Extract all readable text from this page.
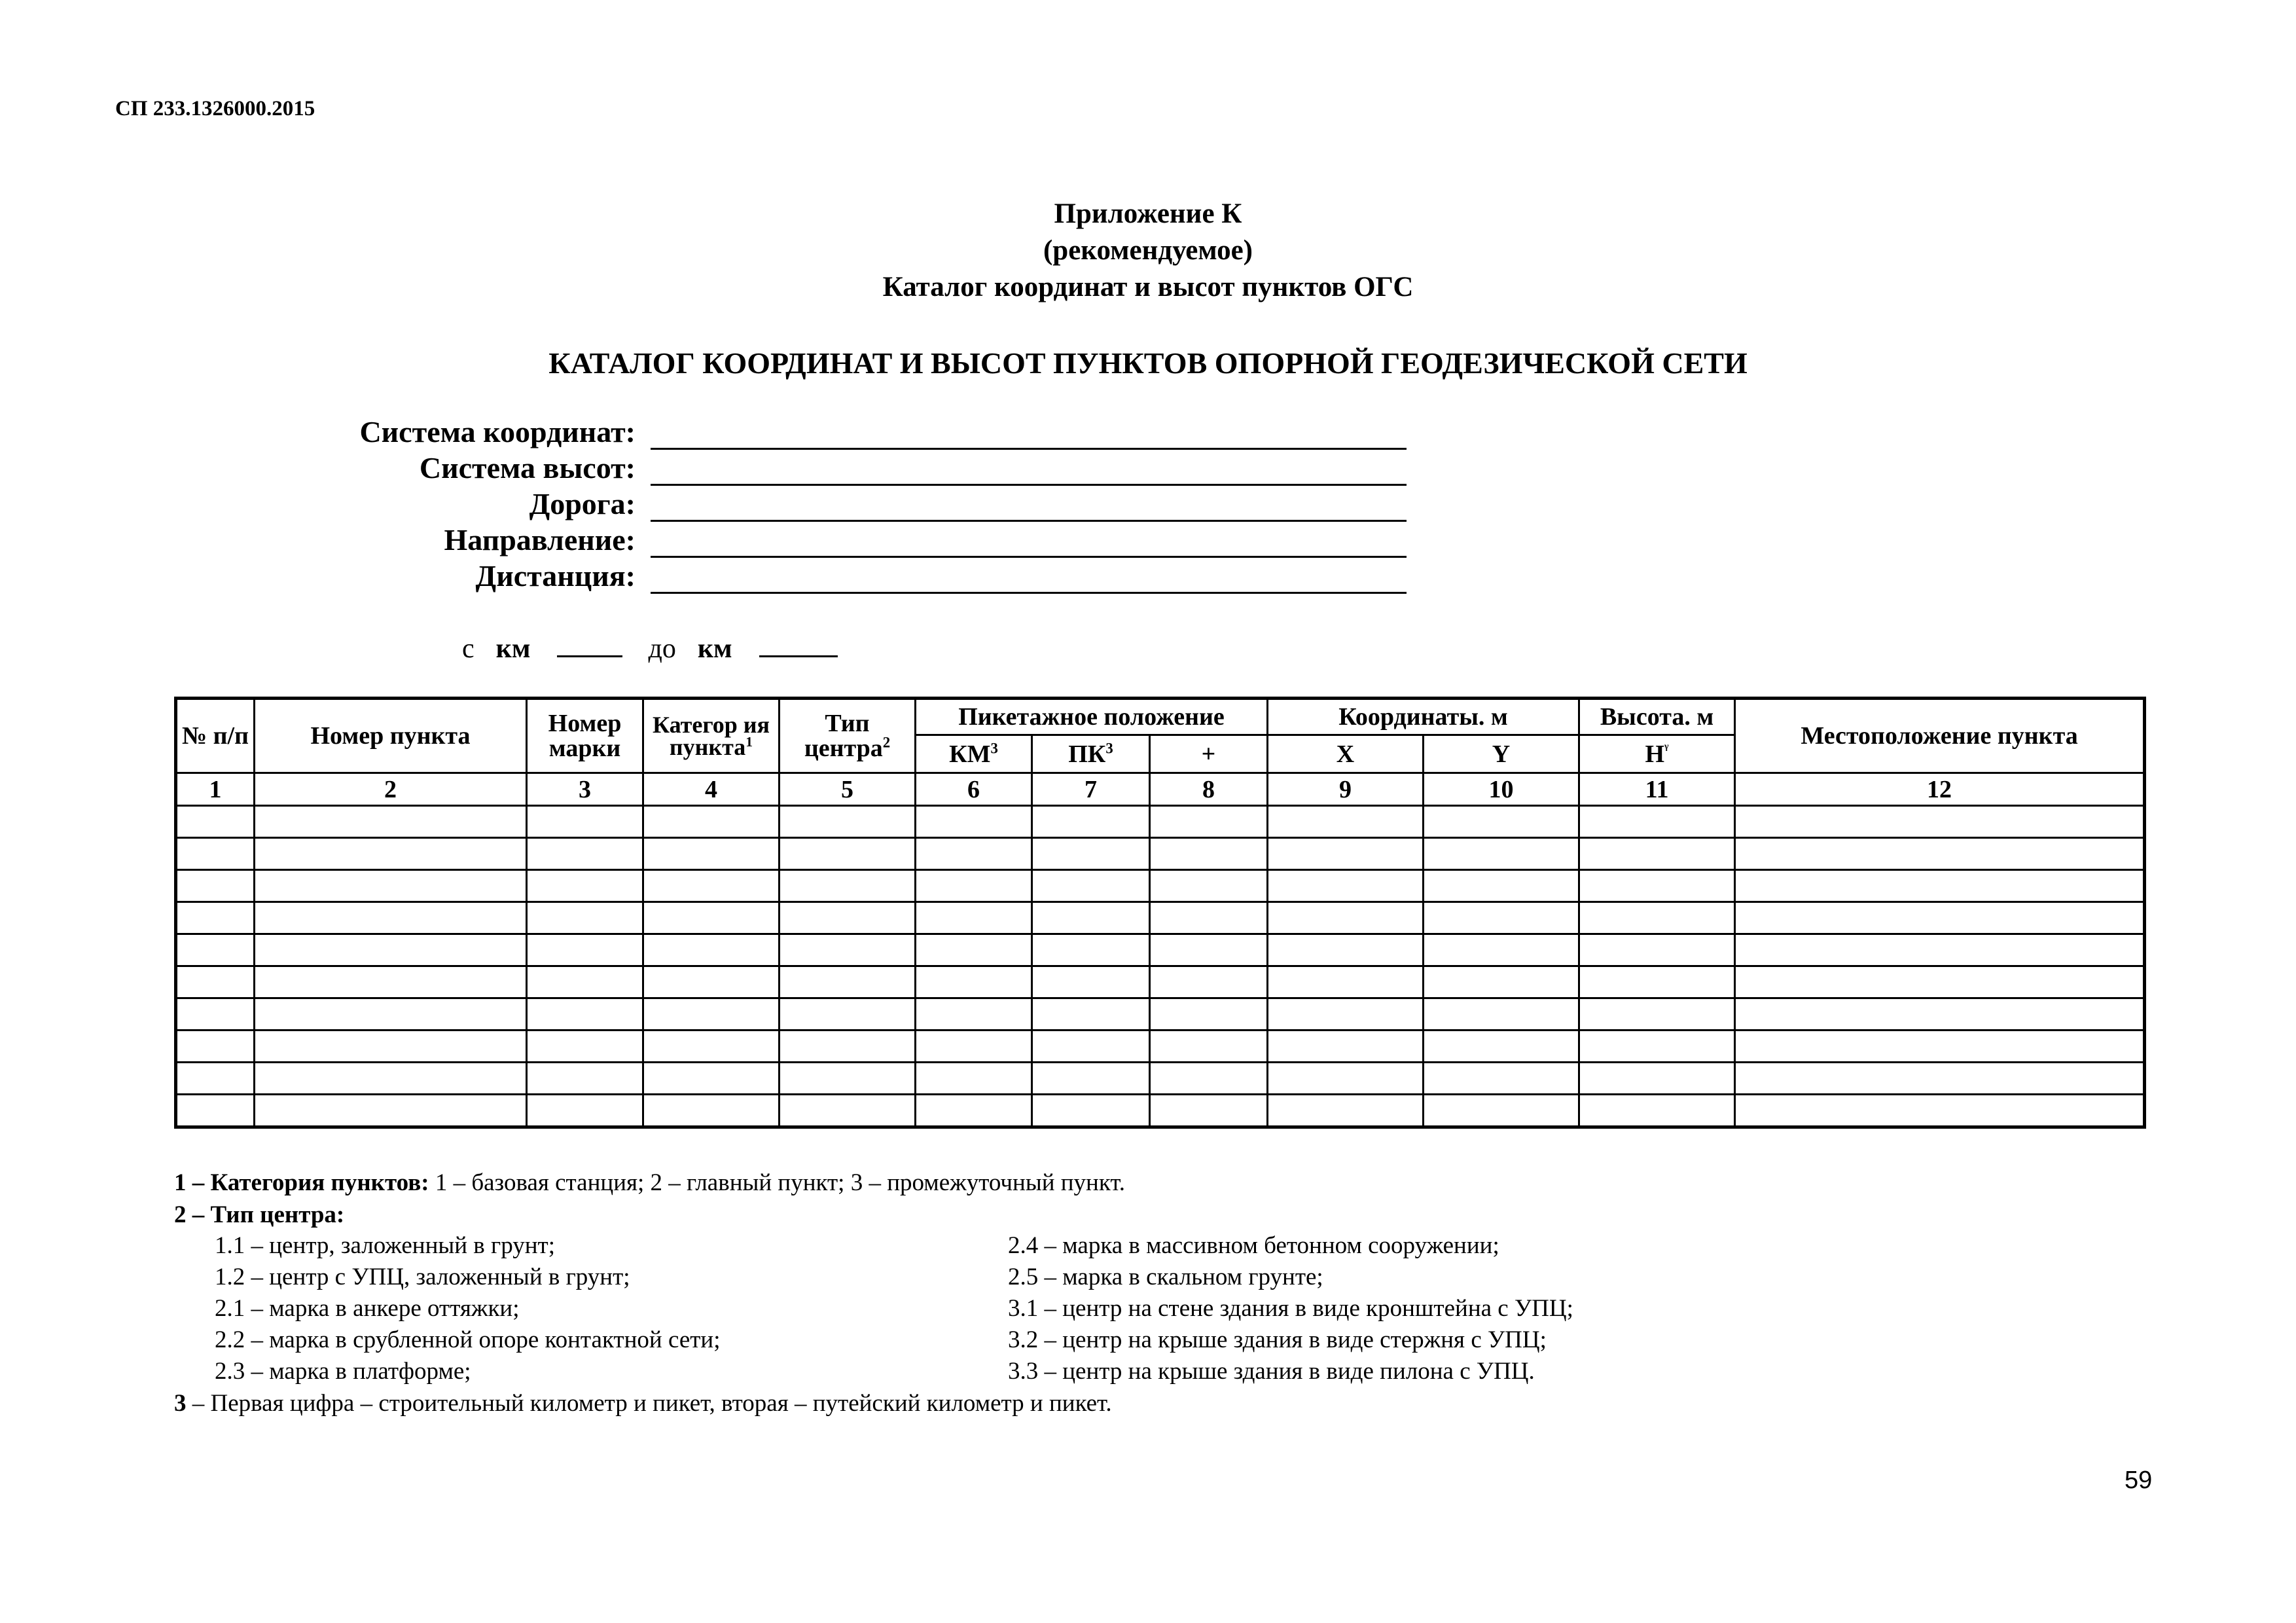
СП 233.1326000.2015
Приложение К
(рекомендуемое)
Каталог координат и высот пунктов ОГС
КАТАЛОГ КООРДИНАТ И ВЫСОТ ПУНКТОВ ОПОРНОЙ ГЕОДЕЗИЧЕСКОЙ СЕТИ
Система координат:
Система высот:
Дорога:
Направление:
Дистанция:
с км	до км
№ п/п	Номер пункта	Номер марки	Категор ия пункта$^1$	Тип центра$^2$	Пикетажное положение			Координаты. м		Высота. м	Местоположение пункта
					$КМ^3$	$ПК^3$	+	X	Y	$H^ᵞ$
1	2	3	4	5	6	7	8	9	10	11	12

1 – Категория пунктов: 1 – базовая станция; 2 – главный пункт; 3 – промежуточный пункт.
2 – Тип центра:
1.1 – центр, заложенный в грунт;
1.2 – центр с УПЦ, заложенный в грунт;
2.1 – марка в анкере оттяжки;
2.2 – марка в срубленной опоре контактной сети;
2.3 – марка в платформе;
2.4 – марка в массивном бетонном сооружении;
2.5 – марка в скальном грунте;
3.1 – центр на стене здания в виде кронштейна с УПЦ;
3.2 – центр на крыше здания в виде стержня с УПЦ;
3.3 – центр на крыше здания в виде пилона с УПЦ.
3 – Первая цифра – строительный километр и пикет, вторая – путейский километр и пикет.
59
